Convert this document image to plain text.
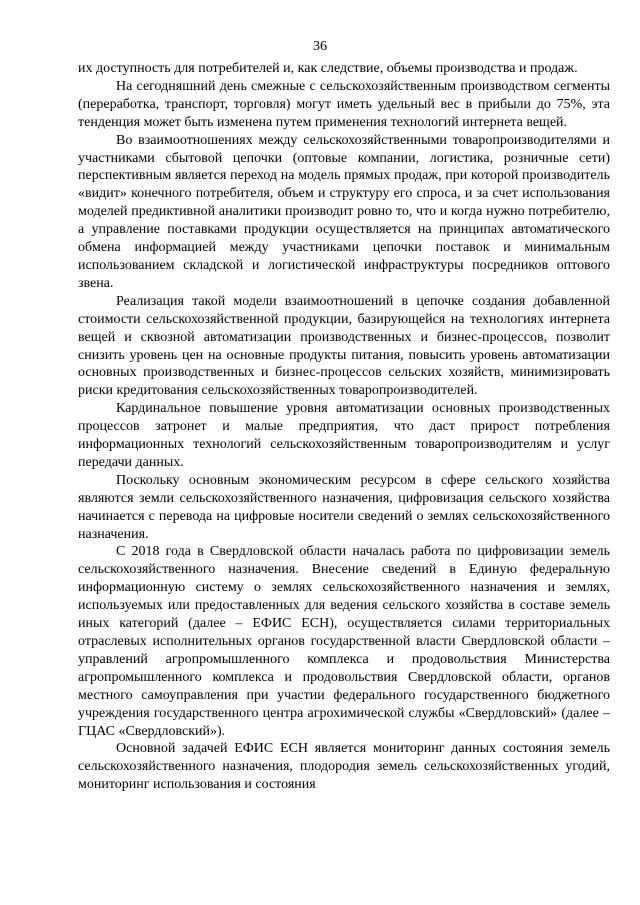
36

их доступность для потребителей и, как следствие, объемы производства и продаж.

На сегодняшний день смежные с сельскохозяйственным производством сегменты (переработка, транспорт, торговля) могут иметь удельный вес в прибыли до 75%, эта тенденция может быть изменена путем применения технологий интернета вещей.

Во взаимоотношениях между сельскохозяйственными товаропроизводителями и участниками сбытовой цепочки (оптовые компании, логистика, розничные сети) перспективным является переход на модель прямых продаж, при которой производитель «видит» конечного потребителя, объем и структуру его спроса, и за счет использования моделей предиктивной аналитики производит ровно то, что и когда нужно потребителю, а управление поставками продукции осуществляется на принципах автоматического обмена информацией между участниками цепочки поставок и минимальным использованием складской и логистической инфраструктуры посредников оптового звена.

Реализация такой модели взаимоотношений в цепочке создания добавленной стоимости сельскохозяйственной продукции, базирующейся на технологиях интернета вещей и сквозной автоматизации производственных и бизнес-процессов, позволит снизить уровень цен на основные продукты питания, повысить уровень автоматизации основных производственных и бизнес-процессов сельских хозяйств, минимизировать риски кредитования сельскохозяйственных товаропроизводителей.

Кардинальное повышение уровня автоматизации основных производственных процессов затронет и малые предприятия, что даст прирост потребления информационных технологий сельскохозяйственным товаропроизводителям и услуг передачи данных.

Поскольку основным экономическим ресурсом в сфере сельского хозяйства являются земли сельскохозяйственного назначения, цифровизация сельского хозяйства начинается с перевода на цифровые носители сведений о землях сельскохозяйственного назначения.

С 2018 года в Свердловской области началась работа по цифровизации земель сельскохозяйственного назначения. Внесение сведений в Единую федеральную информационную систему о землях сельскохозяйственного назначения и землях, используемых или предоставленных для ведения сельского хозяйства в составе земель иных категорий (далее – ЕФИС ЕСН), осуществляется силами территориальных отраслевых исполнительных органов государственной власти Свердловской области – управлений агропромышленного комплекса и продовольствия Министерства агропромышленного комплекса и продовольствия Свердловской области, органов местного самоуправления при участии федерального государственного бюджетного учреждения государственного центра агрохимической службы «Свердловский» (далее – ГЦАС «Свердловский»).

Основной задачей ЕФИС ЕСН является мониторинг данных состояния земель сельскохозяйственного назначения, плодородия земель сельскохозяйственных угодий, мониторинг использования и состояния
